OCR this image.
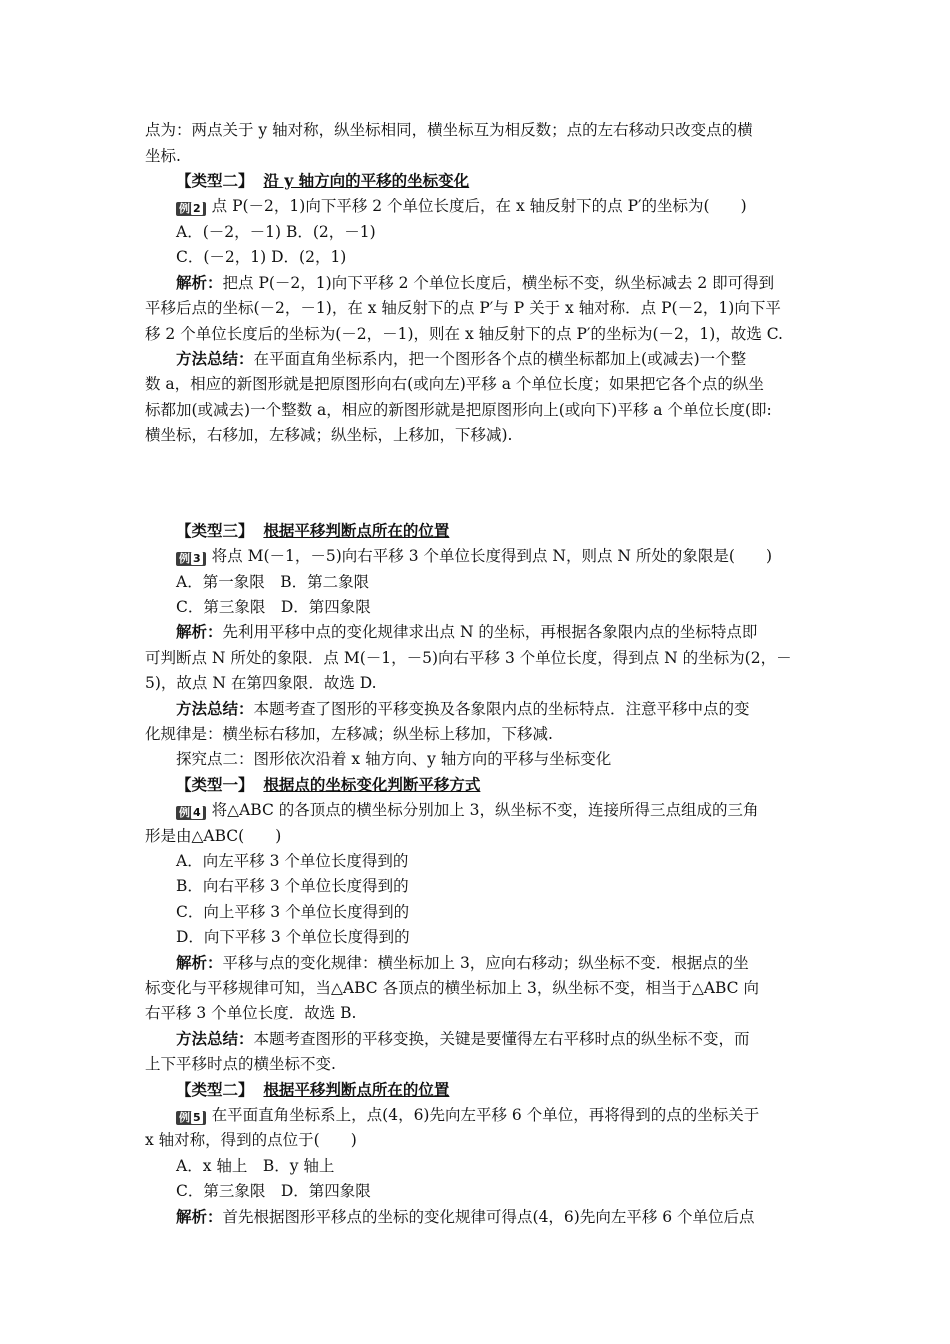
点为：两点关于 y 轴对称，纵坐标相同，横坐标互为相反数；点的左右移动只改变点的横
坐标.
【类型二】 沿 y 轴方向的平移的坐标变化
例 2 点 P(－2，1)向下平移 2 个单位长度后，在 x 轴反射下的点 P′的坐标为(　　)
A．(－2，－1) B．(2，－1)
C．(－2，1) D．(2，1)
解析：把点 P(－2，1)向下平移 2 个单位长度后，横坐标不变，纵坐标减去 2 即可得到
平移后点的坐标(－2，－1)，在 x 轴反射下的点 P′与 P 关于 x 轴对称．点 P(－2，1)向下平
移 2 个单位长度后的坐标为(－2，－1)，则在 x 轴反射下的点 P′的坐标为(－2，1)，故选 C.
方法总结：在平面直角坐标系内，把一个图形各个点的横坐标都加上(或减去)一个整
数 a，相应的新图形就是把原图形向右(或向左)平移 a 个单位长度；如果把它各个点的纵坐
标都加(或减去)一个整数 a，相应的新图形就是把原图形向上(或向下)平移 a 个单位长度(即:
横坐标，右移加，左移减；纵坐标，上移加，下移减).
【类型三】 根据平移判断点所在的位置
例 3 将点 M(－1，－5)向右平移 3 个单位长度得到点 N，则点 N 所处的象限是(　　)
A．第一象限　B．第二象限
C．第三象限　D．第四象限
解析：先利用平移中点的变化规律求出点 N 的坐标，再根据各象限内点的坐标特点即
可判断点 N 所处的象限．点 M(－1，－5)向右平移 3 个单位长度，得到点 N 的坐标为(2，－
5)，故点 N 在第四象限．故选 D.
方法总结：本题考查了图形的平移变换及各象限内点的坐标特点．注意平移中点的变
化规律是：横坐标右移加，左移减；纵坐标上移加，下移减.
探究点二：图形依次沿着 x 轴方向、y 轴方向的平移与坐标变化
【类型一】 根据点的坐标变化判断平移方式
例 4 将△ABC 的各顶点的横坐标分别加上 3，纵坐标不变，连接所得三点组成的三角
形是由△ABC(　　)
A．向左平移 3 个单位长度得到的
B．向右平移 3 个单位长度得到的
C．向上平移 3 个单位长度得到的
D．向下平移 3 个单位长度得到的
解析：平移与点的变化规律：横坐标加上 3，应向右移动；纵坐标不变．根据点的坐
标变化与平移规律可知，当△ABC 各顶点的横坐标加上 3，纵坐标不变，相当于△ABC 向
右平移 3 个单位长度．故选 B.
方法总结：本题考查图形的平移变换，关键是要懂得左右平移时点的纵坐标不变，而
上下平移时点的横坐标不变.
【类型二】 根据平移判断点所在的位置
例 5 在平面直角坐标系上，点(4，6)先向左平移 6 个单位，再将得到的点的坐标关于
x 轴对称，得到的点位于(　　)
A．x 轴上　B．y 轴上
C．第三象限　D．第四象限
解析：首先根据图形平移点的坐标的变化规律可得点(4，6)先向左平移 6 个单位后点
